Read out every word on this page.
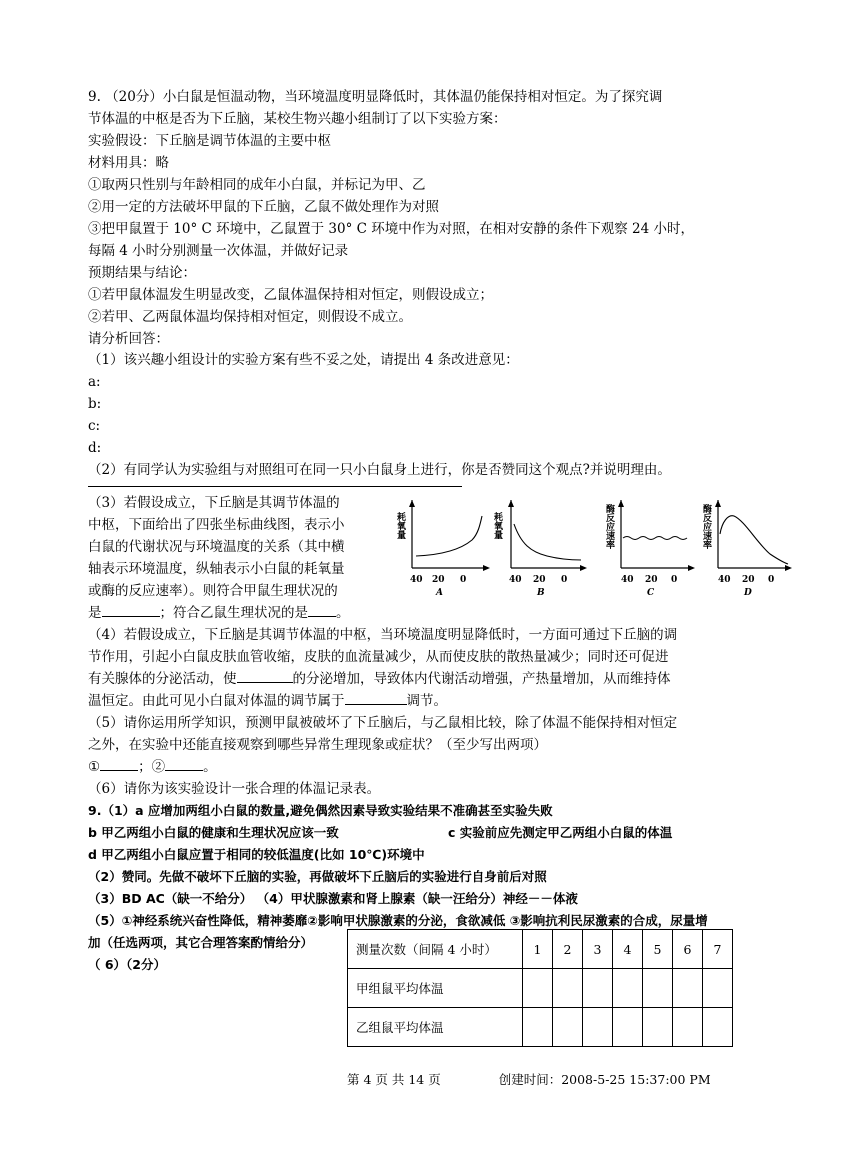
9. （20分）小白鼠是恒温动物，当环境温度明显降低时，其体温仍能保持相对恒定。为了探究调
节体温的中枢是否为下丘脑，某校生物兴趣小组制订了以下实验方案：
实验假设：下丘脑是调节体温的主要中枢
材料用具：略
①取两只性别与年龄相同的成年小白鼠，并标记为甲、乙
②用一定的方法破坏甲鼠的下丘脑，乙鼠不做处理作为对照
③把甲鼠置于 10° C 环境中，乙鼠置于 30° C 环境中作为对照，在相对安静的条件下观察 24 小时，
每隔 4 小时分别测量一次体温，并做好记录
预期结果与结论：
①若甲鼠体温发生明显改变，乙鼠体温保持相对恒定，则假设成立；
②若甲、乙两鼠体温均保持相对恒定，则假设不成立。
请分析回答：
（1）该兴趣小组设计的实验方案有些不妥之处，请提出 4 条改进意见：
a:
b:
c:
d:
（2）有同学认为实验组与对照组可在同一只小白鼠身上进行，你是否赞同这个观点?并说明理由。
（3）若假设成立，下丘脑是其调节体温的
中枢，下面给出了四张坐标曲线图，表示小
白鼠的代谢状况与环境温度的关系（其中横
轴表示环境温度，纵轴表示小白鼠的耗氧量
或酶的反应速率）。则符合甲鼠生理状况的
是	；符合乙鼠生理状况的是 。
耗氧量
40 20 0
A
耗氧量
40 20 0
B
酶反应速率
40 20 0
C
酶反应速率
40 20 0
D
（4）若假设成立，下丘脑是其调节体温的中枢，当环境温度明显降低时，一方面可通过下丘脑的调
节作用，引起小白鼠皮肤血管收缩，皮肤的血流量减少，从而使皮肤的散热量减少；同时还可促进
有关腺体的分泌活动，使	的分泌增加，导致体内代谢活动增强，产热量增加，从而维持体
温恒定。由此可见小白鼠对体温的调节属于	调节。
（5）请你运用所学知识，预测甲鼠被破坏了下丘脑后，与乙鼠相比较，除了体温不能保持相对恒定
之外，在实验中还能直接观察到哪些异常生理现象或症状？（至少写出两项）
①	；②	。
（6）请你为该实验设计一张合理的体温记录表。
9.（1）a 应增加两组小白鼠的数量,避免偶然因素导致实验结果不准确甚至实验失败
b 甲乙两组小白鼠的健康和生理状况应该一致	c 实验前应先测定甲乙两组小白鼠的体温
d 甲乙两组小白鼠应置于相同的较低温度(比如 10℃)环境中
（2）赞同。先做不破坏下丘脑的实验，再做破坏下丘脑后的实验进行自身前后对照
（3）BD AC（缺一不给分） （4）甲状腺激素和肾上腺素（缺一汪给分）神经－－体液
（5）①神经系统兴奋性降低，精神萎靡②影响甲状腺激素的分泌，食欲减低 ③影响抗利民尿激素的合成，尿量增
加（任选两项，其它合理答案酌情给分）
（ 6）（2分）
测量次数（间隔 4 小时）	1	2	3	4	5	6	7
甲组鼠平均体温							
乙组鼠平均体温							
第 4 页 共 14 页	创建时间：2008-5-25 15:37:00 PM
